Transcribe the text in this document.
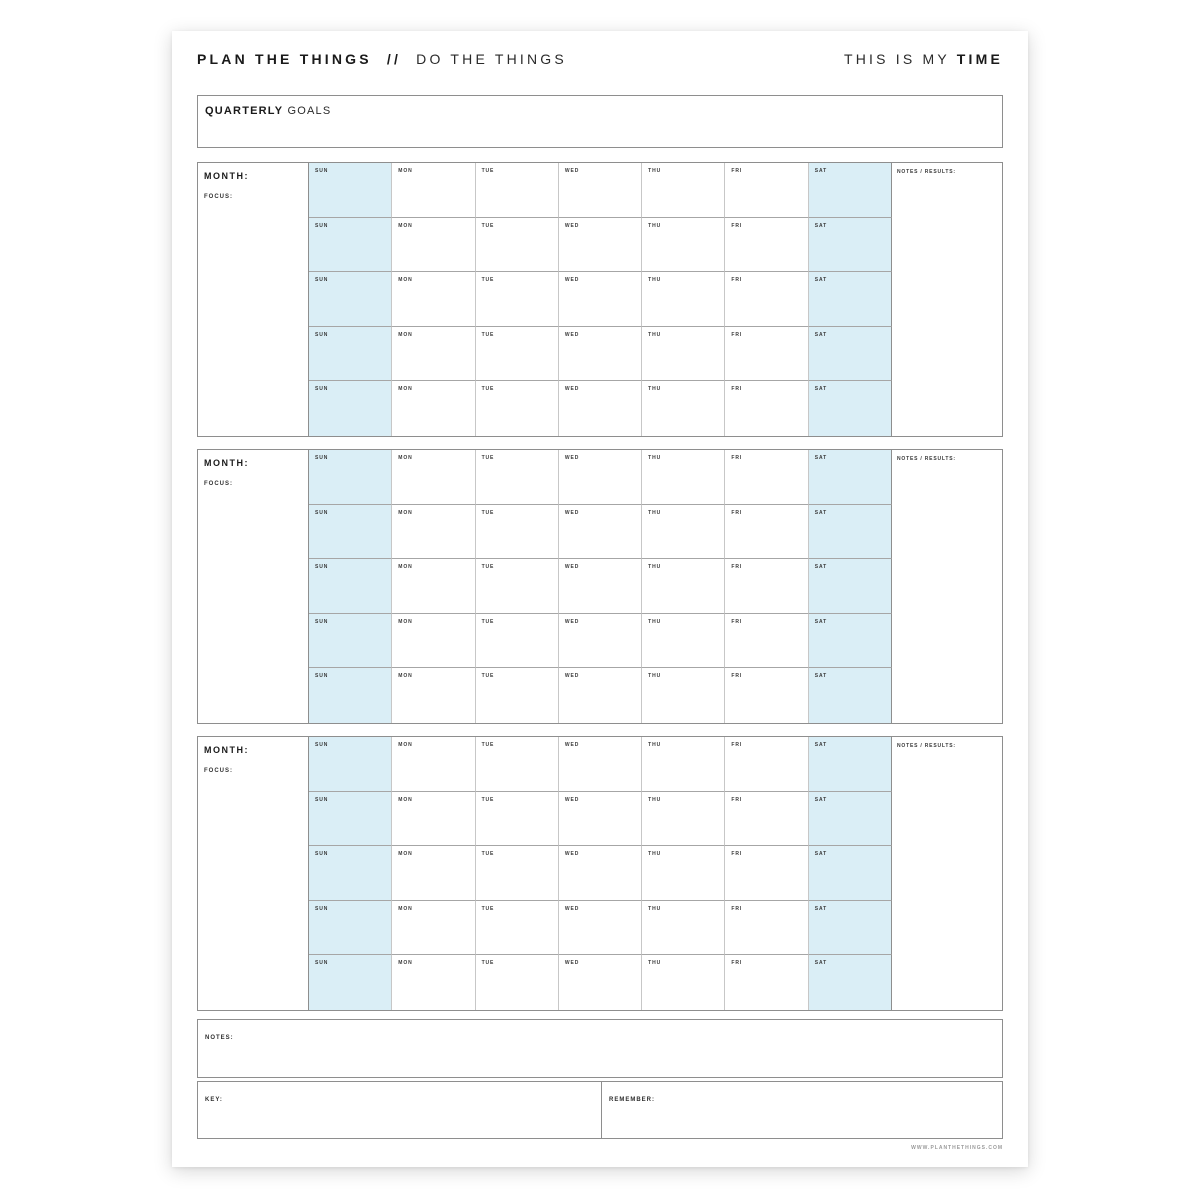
PLAN THE THINGS // DO THE THINGS	THIS IS MY TIME
QUARTERLY GOALS
MONTH:
FOCUS:
SUN	MON	TUE	WED	THU	FRI	SAT
SUN	MON	TUE	WED	THU	FRI	SAT
SUN	MON	TUE	WED	THU	FRI	SAT
SUN	MON	TUE	WED	THU	FRI	SAT
SUN	MON	TUE	WED	THU	FRI	SAT
NOTES / RESULTS:
MONTH:
FOCUS:
SUN	MON	TUE	WED	THU	FRI	SAT
SUN	MON	TUE	WED	THU	FRI	SAT
SUN	MON	TUE	WED	THU	FRI	SAT
SUN	MON	TUE	WED	THU	FRI	SAT
SUN	MON	TUE	WED	THU	FRI	SAT
NOTES / RESULTS:
MONTH:
FOCUS:
SUN	MON	TUE	WED	THU	FRI	SAT
SUN	MON	TUE	WED	THU	FRI	SAT
SUN	MON	TUE	WED	THU	FRI	SAT
SUN	MON	TUE	WED	THU	FRI	SAT
SUN	MON	TUE	WED	THU	FRI	SAT
NOTES / RESULTS:
NOTES:
KEY:	REMEMBER:
WWW.PLANTHETHINGS.COM
